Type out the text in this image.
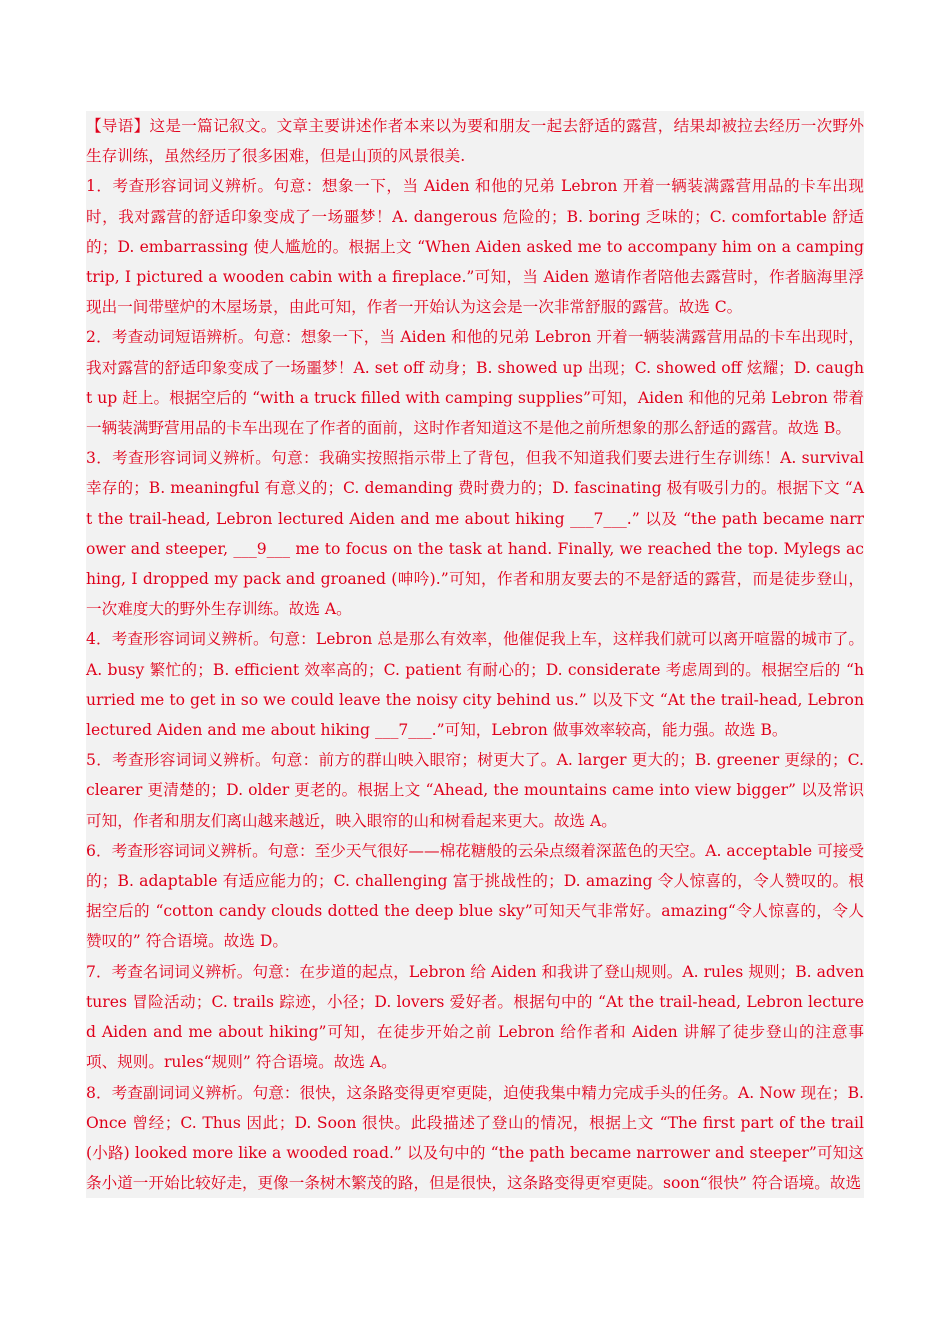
【导语】这是一篇记叙文。文章主要讲述作者本来以为要和朋友一起去舒适的露营，结果却被拉去经历一次野外生存训练，虽然经历了很多困难，但是山顶的风景很美.

1．考查形容词词义辨析。句意：想象一下，当 Aiden 和他的兄弟 Lebron 开着一辆装满露营用品的卡车出现时，我对露营的舒适印象变成了一场噩梦！A. dangerous 危险的；B. boring 乏味的；C. comfortable 舒适的；D. embarrassing 使人尴尬的。根据上文 “When Aiden asked me to accompany him on a camping trip, I pictured a wooden cabin with a fireplace.”可知，当 Aiden 邀请作者陪他去露营时，作者脑海里浮现出一间带壁炉的木屋场景，由此可知，作者一开始认为这会是一次非常舒服的露营。故选 C。

2．考查动词短语辨析。句意：想象一下，当 Aiden 和他的兄弟 Lebron 开着一辆装满露营用品的卡车出现时，我对露营的舒适印象变成了一场噩梦！A. set off 动身；B. showed up 出现；C. showed off 炫耀；D. caught up 赶上。根据空后的 “with a truck filled with camping supplies”可知，Aiden 和他的兄弟 Lebron 带着一辆装满野营用品的卡车出现在了作者的面前，这时作者知道这不是他之前所想象的那么舒适的露营。故选 B。

3．考查形容词词义辨析。句意：我确实按照指示带上了背包，但我不知道我们要去进行生存训练！A. survival 幸存的；B. meaningful 有意义的；C. demanding 费时费力的；D. fascinating 极有吸引力的。根据下文 “At the trail-head, Lebron lectured Aiden and me about hiking ___7___.” 以及 “the path became narrower and steeper, ___9___ me to focus on the task at hand. Finally, we reached the top. Mylegs aching, I dropped my pack and groaned (呻吟).”可知，作者和朋友要去的不是舒适的露营，而是徒步登山，一次难度大的野外生存训练。故选 A。

4．考查形容词词义辨析。句意：Lebron 总是那么有效率，他催促我上车，这样我们就可以离开喧嚣的城市了。A. busy 繁忙的；B. efficient 效率高的；C. patient 有耐心的；D. considerate 考虑周到的。根据空后的 “hurried me to get in so we could leave the noisy city behind us.” 以及下文 “At the trail-head, Lebron lectured Aiden and me about hiking ___7___.”可知，Lebron 做事效率较高，能力强。故选 B。

5．考查形容词词义辨析。句意：前方的群山映入眼帘；树更大了。A. larger 更大的；B. greener 更绿的；C. clearer 更清楚的；D. older 更老的。根据上文 “Ahead, the mountains came into view bigger” 以及常识可知，作者和朋友们离山越来越近，映入眼帘的山和树看起来更大。故选 A。

6．考查形容词词义辨析。句意：至少天气很好——棉花糖般的云朵点缀着深蓝色的天空。A. acceptable 可接受的；B. adaptable 有适应能力的；C. challenging 富于挑战性的；D. amazing 令人惊喜的，令人赞叹的。根据空后的 “cotton candy clouds dotted the deep blue sky”可知天气非常好。amazing“令人惊喜的，令人赞叹的” 符合语境。故选 D。

7．考查名词词义辨析。句意：在步道的起点，Lebron 给 Aiden 和我讲了登山规则。A. rules 规则；B. adventures 冒险活动；C. trails 踪迹，小径；D. lovers 爱好者。根据句中的 “At the trail-head, Lebron lectured Aiden and me about hiking”可知，在徒步开始之前 Lebron 给作者和 Aiden 讲解了徒步登山的注意事项、规则。rules“规则” 符合语境。故选 A。

8．考查副词词义辨析。句意：很快，这条路变得更窄更陡，迫使我集中精力完成手头的任务。A. Now 现在；B. Once 曾经；C. Thus 因此；D. Soon 很快。此段描述了登山的情况，根据上文 “The first part of the trail (小路) looked more like a wooded road.” 以及句中的 “the path became narrower and steeper”可知这条小道一开始比较好走，更像一条树木繁茂的路，但是很快，这条路变得更窄更陡。soon“很快” 符合语境。故选
